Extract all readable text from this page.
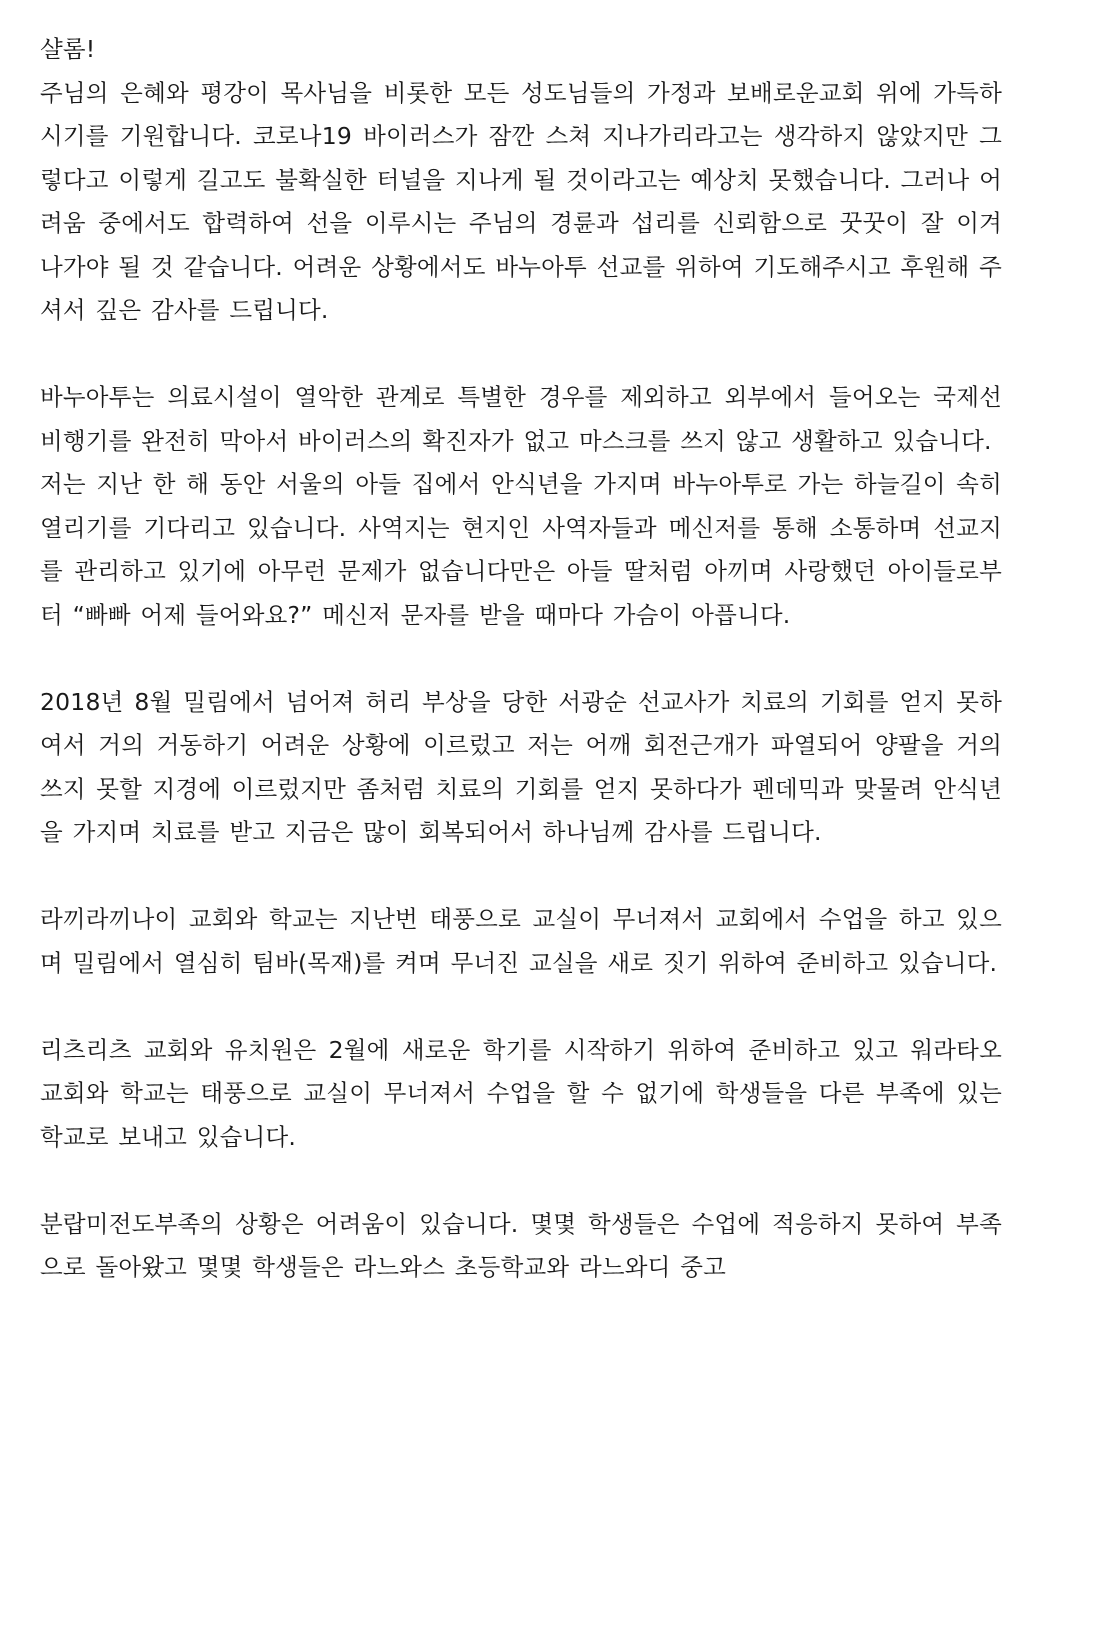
샬롬!

주님의 은혜와 평강이 목사님을 비롯한 모든 성도님들의 가정과 보배로운교회 위에 가득하시기를 기원합니다. 코로나19 바이러스가 잠깐 스쳐 지나가리라고는 생각하지 않았지만 그렇다고 이렇게 길고도 불확실한 터널을 지나게 될 것이라고는 예상치 못했습니다. 그러나 어려움 중에서도 합력하여 선을 이루시는 주님의 경륜과 섭리를 신뢰함으로 꿋꿋이 잘 이겨 나가야 될 것 같습니다. 어려운 상황에서도 바누아투 선교를 위하여 기도해주시고 후원해 주셔서 깊은 감사를 드립니다.

바누아투는 의료시설이 열악한 관계로 특별한 경우를 제외하고 외부에서 들어오는 국제선 비행기를 완전히 막아서 바이러스의 확진자가 없고 마스크를 쓰지 않고 생활하고 있습니다.

저는 지난 한 해 동안 서울의 아들 집에서 안식년을 가지며 바누아투로 가는 하늘길이 속히 열리기를 기다리고 있습니다. 사역지는 현지인 사역자들과 메신저를 통해 소통하며 선교지를 관리하고 있기에 아무런 문제가 없습니다만은 아들 딸처럼 아끼며 사랑했던 아이들로부터 “빠빠 어제 들어와요?” 메신저 문자를 받을 때마다 가슴이 아픕니다.

2018년 8월 밀림에서 넘어져 허리 부상을 당한 서광순 선교사가 치료의 기회를 얻지 못하여서 거의 거동하기 어려운 상황에 이르렀고 저는 어깨 회전근개가 파열되어 양팔을 거의 쓰지 못할 지경에 이르렀지만 좀처럼 치료의 기회를 얻지 못하다가 펜데믹과 맞물려 안식년을 가지며 치료를 받고 지금은 많이 회복되어서 하나님께 감사를 드립니다.

라끼라끼나이 교회와 학교는 지난번 태풍으로 교실이 무너져서 교회에서 수업을 하고 있으며 밀림에서 열심히 팀바(목재)를 켜며 무너진 교실을 새로 짓기 위하여 준비하고 있습니다.

리츠리츠 교회와 유치원은 2월에 새로운 학기를 시작하기 위하여 준비하고 있고 워라타오 교회와 학교는 태풍으로 교실이 무너져서 수업을 할 수 없기에 학생들을 다른 부족에 있는 학교로 보내고 있습니다.

분랍미전도부족의 상황은 어려움이 있습니다. 몇몇 학생들은 수업에 적응하지 못하여 부족으로 돌아왔고 몇몇 학생들은 라느와스 초등학교와 라느와디 중고
